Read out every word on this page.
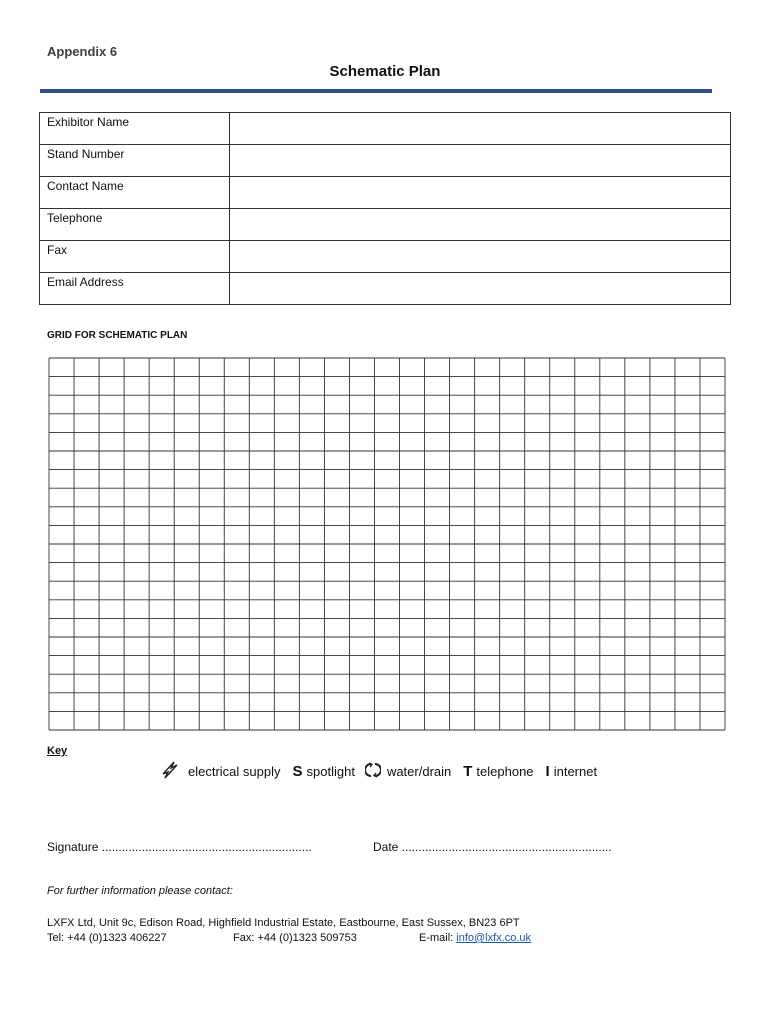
Appendix 6
Schematic Plan
Exhibitor Name	
Stand Number	
Contact Name	
Telephone	
Fax	
Email Address	
GRID FOR SCHEMATIC PLAN
Key
electrical supply S spotlight water/drain T telephone I internet
Signature ...............................................................	Date ...............................................................
For further information please contact:
LXFX Ltd, Unit 9c, Edison Road, Highfield Industrial Estate, Eastbourne, East Sussex, BN23 6PT
Tel: +44 (0)1323 406227	Fax: +44 (0)1323 509753	E-mail: info@lxfx.co.uk
